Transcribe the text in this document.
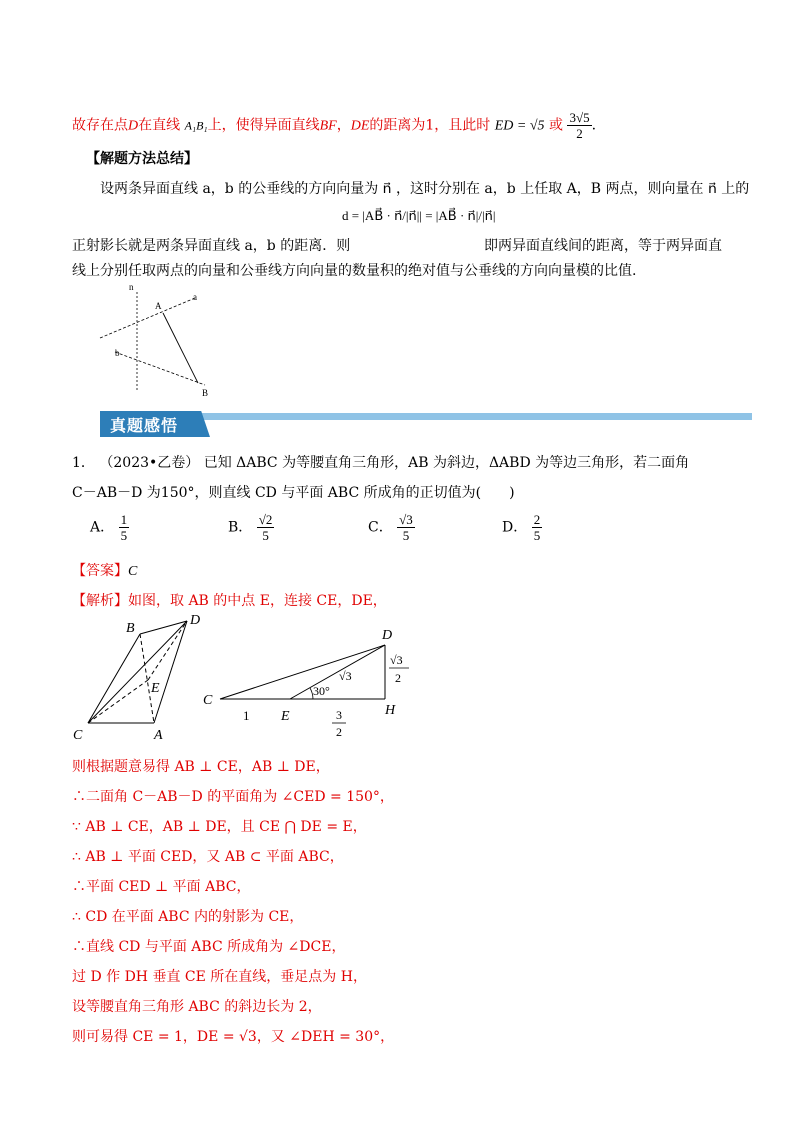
故存在点D在直线 A₁B₁上，使得异面直线BF，DE的距离为1，且此时 ED = √5 或 $\frac{3√5}{2}$ .
【解题方法总结】
设两条异面直线 a，b 的公垂线的方向向量为 n⃗ ，这时分别在 a，b 上任取 A，B 两点，则向量在 n⃗ 上的
d = |AB⃗ · n⃗/|n⃗|| = |AB⃗ · n⃗|/|n⃗|
正射影长就是两条异面直线 a，b 的距离．则	即两异面直线间的距离，等于两异面直
线上分别任取两点的向量和公垂线方向向量的数量积的绝对值与公垂线的方向向量模的比值.
n
A
a
b
B
真题感悟
1． （2023•乙卷） 已知 ΔABC 为等腰直角三角形，AB 为斜边，ΔABD 为等边三角形，若二面角
C－AB－D 为150°，则直线 CD 与平面 ABC 所成角的正切值为(　　)
A． $\frac{1}{5}$	B． $\frac{√2}{5}$	C． $\frac{√3}{5}$	D． $\frac{2}{5}$
【答案】C
【解析】如图，取 AB 的中点 E，连接 CE，DE，
B
D
E
C	A
D
C
E	H
1
30°
√3
√3
2
3
2
则根据题意易得 AB ⊥ CE，AB ⊥ DE，
∴二面角 C－AB－D 的平面角为 ∠CED = 150°，
∵ AB ⊥ CE，AB ⊥ DE，且 CE ⋂ DE = E，
∴ AB ⊥ 平面 CED，又 AB ⊂ 平面 ABC，
∴平面 CED ⊥ 平面 ABC，
∴ CD 在平面 ABC 内的射影为 CE，
∴直线 CD 与平面 ABC 所成角为 ∠DCE，
过 D 作 DH 垂直 CE 所在直线，垂足点为 H，
设等腰直角三角形 ABC 的斜边长为 2，
则可易得 CE = 1，DE = √3，又 ∠DEH = 30°，
